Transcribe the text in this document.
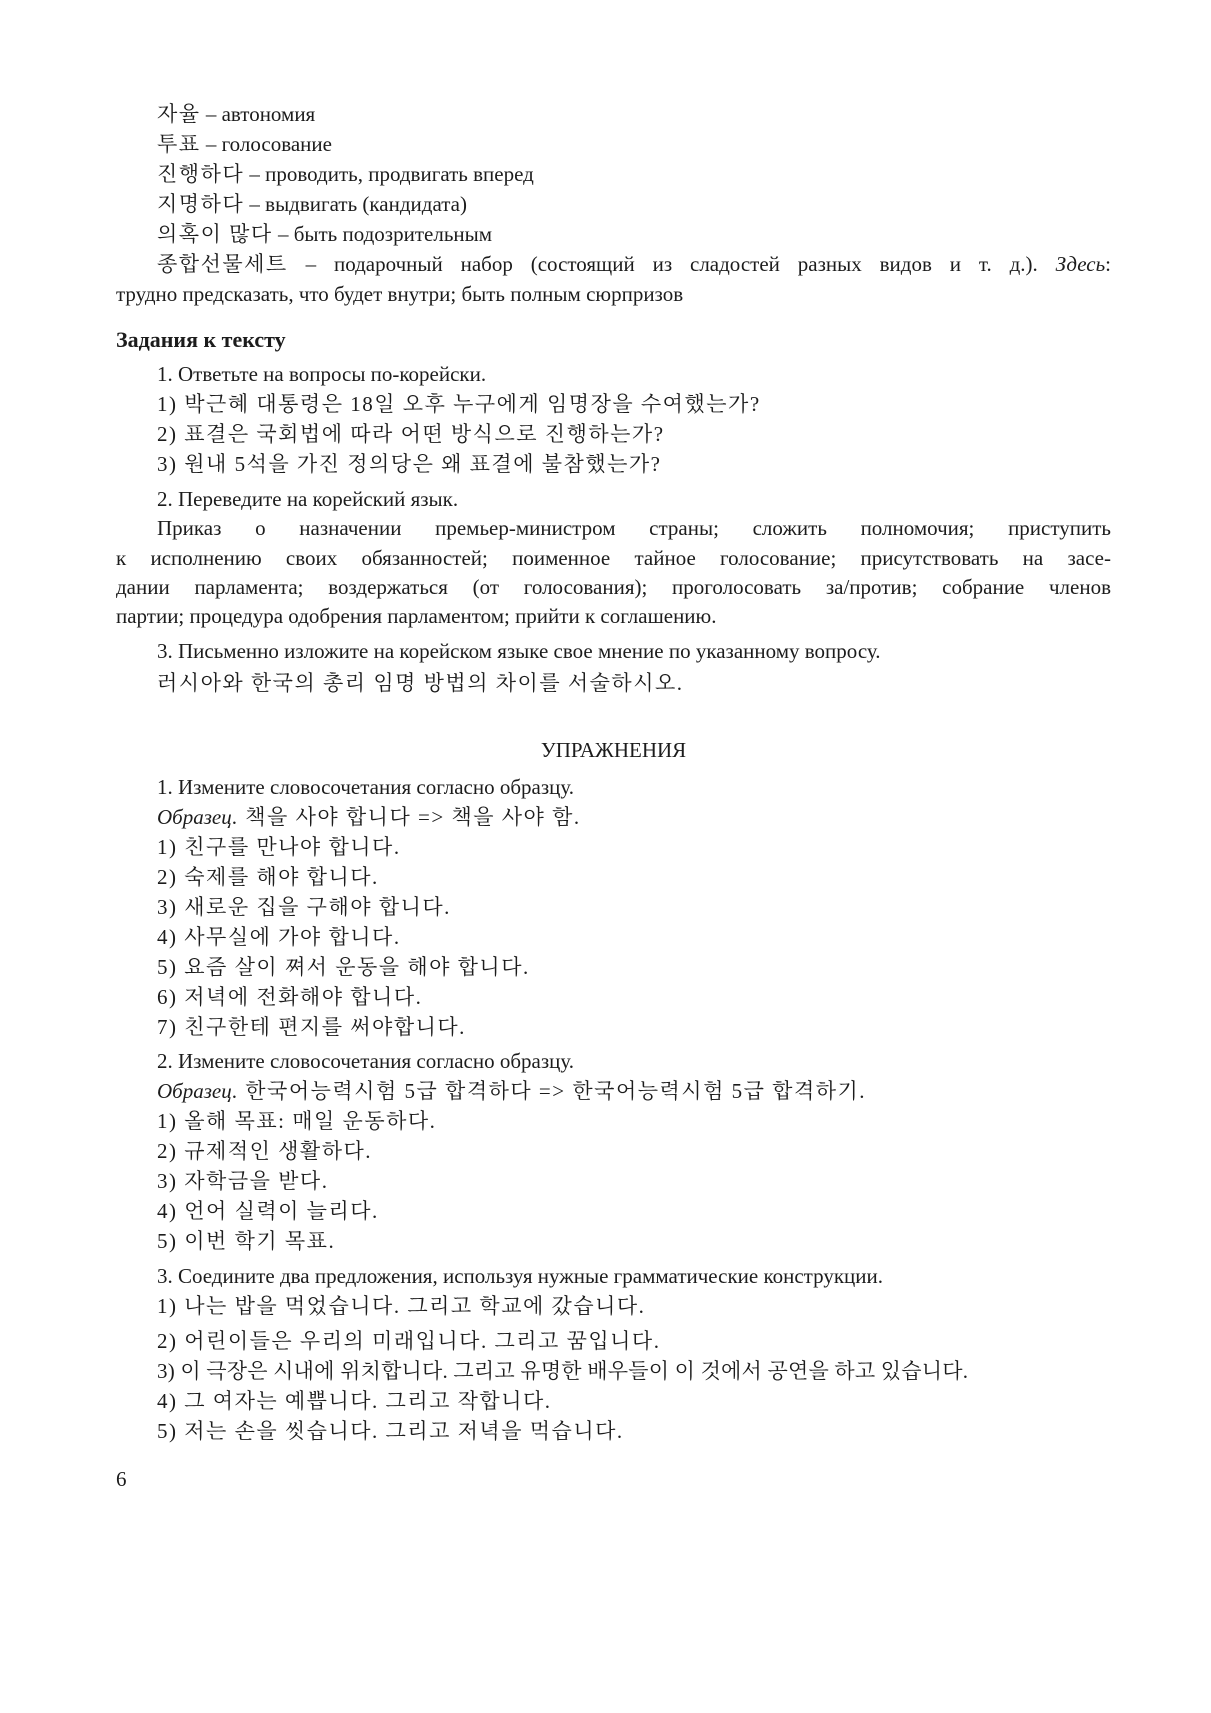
자율 – автономия
투표 – голосование
진행하다 – проводить, продвигать вперед
지명하다 – выдвигать (кандидата)
의혹이 많다 – быть подозрительным
종합선물세트 – подарочный набор (состоящий из сладостей разных видов и т. д.). Здесь:
трудно предсказать, что будет внутри; быть полным сюрпризов
Задания к тексту
1. Ответьте на вопросы по-корейски.
1) 박근혜 대통령은 18일 오후 누구에게 임명장을 수여했는가?
2) 표결은 국회법에 따라 어떤 방식으로 진행하는가?
3) 원내 5석을 가진 정의당은 왜 표결에 불참했는가?
2. Переведите на корейский язык.
Приказ о назначении премьер-министром страны; сложить полномочия; приступить
к исполнению своих обязанностей; поименное тайное голосование; присутствовать на засе-
дании парламента; воздержаться (от голосования); проголосовать за/против; собрание членов
партии; процедура одобрения парламентом; прийти к соглашению.
3. Письменно изложите на корейском языке свое мнение по указанному вопросу.
러시아와 한국의 총리 임명 방법의 차이를 서술하시오.
УПРАЖНЕНИЯ
1. Измените словосочетания согласно образцу.
Образец. 책을 사야 합니다 => 책을 사야 함.
1) 친구를 만나야 합니다.
2) 숙제를 해야 합니다.
3) 새로운 집을 구해야 합니다.
4) 사무실에 가야 합니다.
5) 요즘 살이 쪄서 운동을 해야 합니다.
6) 저녁에 전화해야 합니다.
7) 친구한테 편지를 써야합니다.
2. Измените словосочетания согласно образцу.
Образец. 한국어능력시험 5급 합격하다 => 한국어능력시험 5급 합격하기.
1) 올해 목표: 매일 운동하다.
2) 규제적인 생활하다.
3) 자학금을 받다.
4) 언어 실력이 늘리다.
5) 이번 학기 목표.
3. Соедините два предложения, используя нужные грамматические конструкции.
1) 나는 밥을 먹었습니다. 그리고 학교에 갔습니다.
2) 어린이들은 우리의 미래입니다. 그리고 꿈입니다.
3) 이 극장은 시내에 위치합니다. 그리고 유명한 배우들이 이 것에서 공연을 하고 있습니다.
4) 그 여자는 예쁩니다. 그리고 작합니다.
5) 저는 손을 씻습니다. 그리고 저녁을 먹습니다.
6
